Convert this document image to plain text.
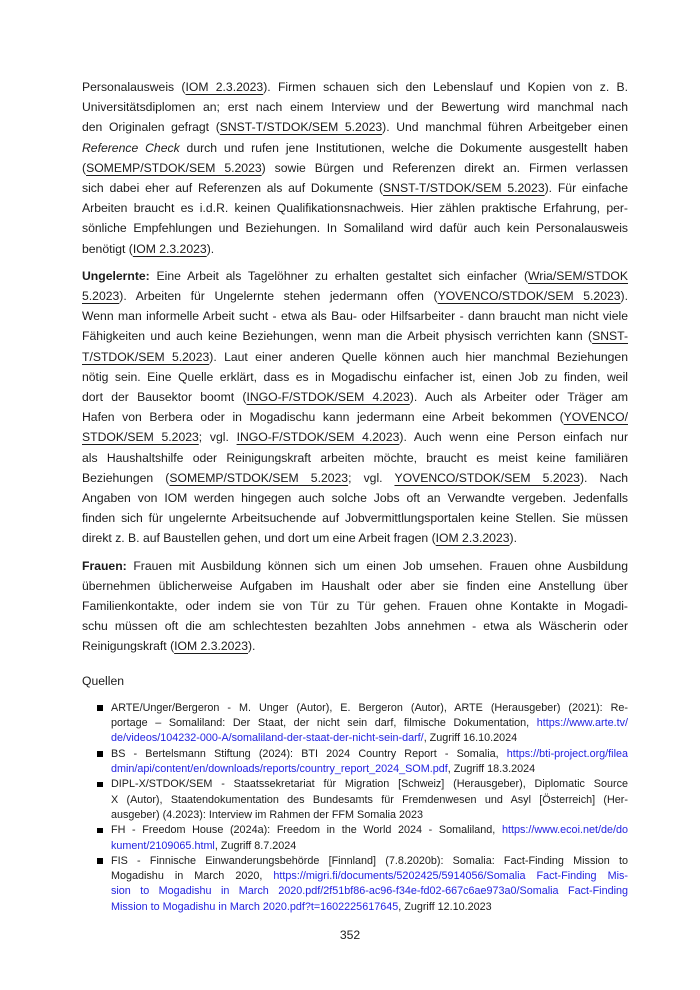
Personalausweis (IOM 2.3.2023). Firmen schauen sich den Lebenslauf und Kopien von z. B.
Universitätsdiplomen an; erst nach einem Interview und der Bewertung wird manchmal nach
den Originalen gefragt (SNST-T/STDOK/SEM 5.2023). Und manchmal führen Arbeitgeber einen
Reference Check durch und rufen jene Institutionen, welche die Dokumente ausgestellt haben
(SOMEMP/STDOK/SEM 5.2023) sowie Bürgen und Referenzen direkt an. Firmen verlassen
sich dabei eher auf Referenzen als auf Dokumente (SNST-T/STDOK/SEM 5.2023). Für einfache
Arbeiten braucht es i.d.R. keinen Qualifikationsnachweis. Hier zählen praktische Erfahrung, per-
sönliche Empfehlungen und Beziehungen. In Somaliland wird dafür auch kein Personalausweis
benötigt (IOM 2.3.2023).
Ungelernte: Eine Arbeit als Tagelöhner zu erhalten gestaltet sich einfacher (Wria/SEM/STDOK
5.2023). Arbeiten für Ungelernte stehen jedermann offen (YOVENCO/STDOK/SEM 5.2023).
Wenn man informelle Arbeit sucht - etwa als Bau- oder Hilfsarbeiter - dann braucht man nicht viele
Fähigkeiten und auch keine Beziehungen, wenn man die Arbeit physisch verrichten kann (SNST-
T/STDOK/SEM 5.2023). Laut einer anderen Quelle können auch hier manchmal Beziehungen
nötig sein. Eine Quelle erklärt, dass es in Mogadischu einfacher ist, einen Job zu finden, weil
dort der Bausektor boomt (INGO-F/STDOK/SEM 4.2023). Auch als Arbeiter oder Träger am
Hafen von Berbera oder in Mogadischu kann jedermann eine Arbeit bekommen (YOVENCO/
STDOK/SEM 5.2023; vgl. INGO-F/STDOK/SEM 4.2023). Auch wenn eine Person einfach nur
als Haushaltshilfe oder Reinigungskraft arbeiten möchte, braucht es meist keine familiären
Beziehungen (SOMEMP/STDOK/SEM 5.2023; vgl. YOVENCO/STDOK/SEM 5.2023). Nach
Angaben von IOM werden hingegen auch solche Jobs oft an Verwandte vergeben. Jedenfalls
finden sich für ungelernte Arbeitsuchende auf Jobvermittlungsportalen keine Stellen. Sie müssen
direkt z. B. auf Baustellen gehen, und dort um eine Arbeit fragen (IOM 2.3.2023).
Frauen: Frauen mit Ausbildung können sich um einen Job umsehen. Frauen ohne Ausbildung
übernehmen üblicherweise Aufgaben im Haushalt oder aber sie finden eine Anstellung über
Familienkontakte, oder indem sie von Tür zu Tür gehen. Frauen ohne Kontakte in Mogadi-
schu müssen oft die am schlechtesten bezahlten Jobs annehmen - etwa als Wäscherin oder
Reinigungskraft (IOM 2.3.2023).
Quellen
ARTE/Unger/Bergeron - M. Unger (Autor), E. Bergeron (Autor), ARTE (Herausgeber) (2021): Re-
portage – Somaliland: Der Staat, der nicht sein darf, filmische Dokumentation, https://www.arte.tv/
de/videos/104232-000-A/somaliland-der-staat-der-nicht-sein-darf/, Zugriff 16.10.2024
BS - Bertelsmann Stiftung (2024): BTI 2024 Country Report - Somalia, https://bti-project.org/filea
dmin/api/content/en/downloads/reports/country_report_2024_SOM.pdf, Zugriff 18.3.2024
DIPL-X/STDOK/SEM - Staatssekretariat für Migration [Schweiz] (Herausgeber), Diplomatic Source
X (Autor), Staatendokumentation des Bundesamts für Fremdenwesen und Asyl [Österreich] (Her-
ausgeber) (4.2023): Interview im Rahmen der FFM Somalia 2023
FH - Freedom House (2024a): Freedom in the World 2024 - Somaliland, https://www.ecoi.net/de/do
kument/2109065.html, Zugriff 8.7.2024
FIS - Finnische Einwanderungsbehörde [Finnland] (7.8.2020b): Somalia: Fact-Finding Mission to
Mogadishu in March 2020, https://migri.fi/documents/5202425/5914056/Somalia Fact-Finding Mis-
sion to Mogadishu in March 2020.pdf/2f51bf86-ac96-f34e-fd02-667c6ae973a0/Somalia Fact-Finding
Mission to Mogadishu in March 2020.pdf?t=1602225617645, Zugriff 12.10.2023
352
